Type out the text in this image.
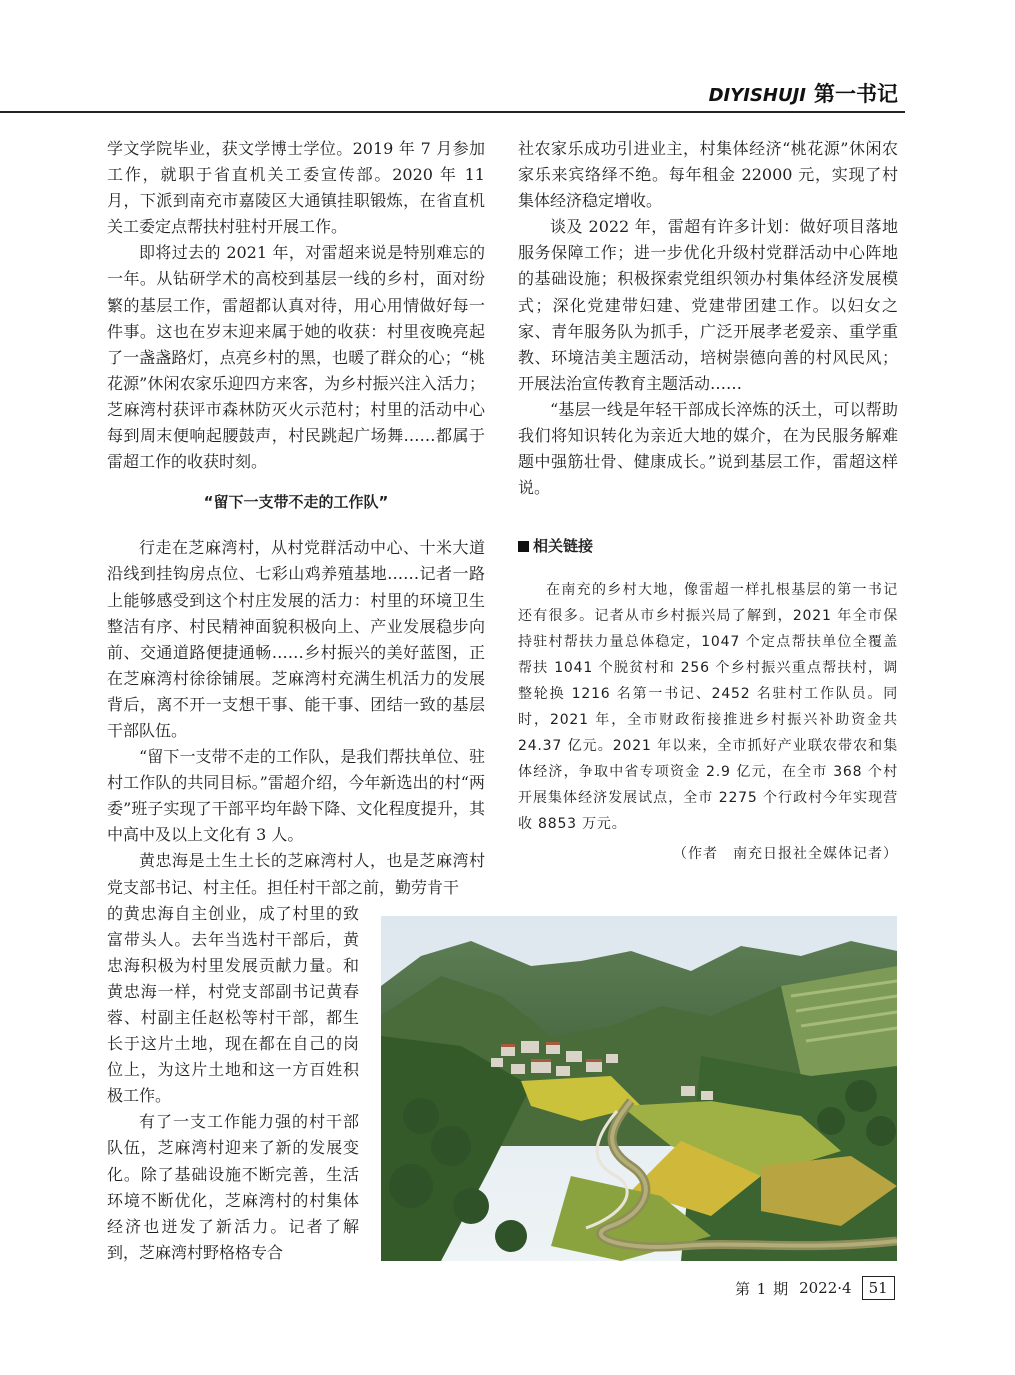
DIYISHUJI 第一书记

学文学院毕业，获文学博士学位。2019 年 7 月参加工作，就职于省直机关工委宣传部。2020 年 11 月，下派到南充市嘉陵区大通镇挂职锻炼，在省直机关工委定点帮扶村驻村开展工作。

即将过去的 2021 年，对雷超来说是特别难忘的一年。从钻研学术的高校到基层一线的乡村，面对纷繁的基层工作，雷超都认真对待，用心用情做好每一件事。这也在岁末迎来属于她的收获：村里夜晚亮起了一盏盏路灯，点亮乡村的黑，也暖了群众的心；“桃花源”休闲农家乐迎四方来客，为乡村振兴注入活力；芝麻湾村获评市森林防灭火示范村；村里的活动中心每到周末便响起腰鼓声，村民跳起广场舞……都属于雷超工作的收获时刻。

“留下一支带不走的工作队”

行走在芝麻湾村，从村党群活动中心、十米大道沿线到挂钩房点位、七彩山鸡养殖基地……记者一路上能够感受到这个村庄发展的活力：村里的环境卫生整洁有序、村民精神面貌积极向上、产业发展稳步向前、交通道路便捷通畅……乡村振兴的美好蓝图，正在芝麻湾村徐徐铺展。芝麻湾村充满生机活力的发展背后，离不开一支想干事、能干事、团结一致的基层干部队伍。

“留下一支带不走的工作队，是我们帮扶单位、驻村工作队的共同目标。”雷超介绍，今年新选出的村“两委”班子实现了干部平均年龄下降、文化程度提升，其中高中及以上文化有 3 人。

黄忠海是土生土长的芝麻湾村人，也是芝麻湾村党支部书记、村主任。担任村干部之前，勤劳肯干

的黄忠海自主创业，成了村里的致富带头人。去年当选村干部后，黄忠海积极为村里发展贡献力量。和黄忠海一样，村党支部副书记黄春蓉、村副主任赵松等村干部，都生长于这片土地，现在都在自己的岗位上，为这片土地和这一方百姓积极工作。

有了一支工作能力强的村干部队伍，芝麻湾村迎来了新的发展变化。除了基础设施不断完善，生活环境不断优化，芝麻湾村的村集体经济也迸发了新活力。记者了解到，芝麻湾村野格格专合

社农家乐成功引进业主，村集体经济“桃花源”休闲农家乐来宾络绎不绝。每年租金 22000 元，实现了村集体经济稳定增收。

谈及 2022 年，雷超有许多计划：做好项目落地服务保障工作；进一步优化升级村党群活动中心阵地的基础设施；积极探索党组织领办村集体经济发展模式；深化党建带妇建、党建带团建工作。以妇女之家、青年服务队为抓手，广泛开展孝老爱亲、重学重教、环境洁美主题活动，培树崇德向善的村风民风；开展法治宣传教育主题活动……

“基层一线是年轻干部成长淬炼的沃土，可以帮助我们将知识转化为亲近大地的媒介，在为民服务解难题中强筋壮骨、健康成长。”说到基层工作，雷超这样说。

相关链接

在南充的乡村大地，像雷超一样扎根基层的第一书记还有很多。记者从市乡村振兴局了解到，2021 年全市保持驻村帮扶力量总体稳定，1047 个定点帮扶单位全覆盖帮扶 1041 个脱贫村和 256 个乡村振兴重点帮扶村，调整轮换 1216 名第一书记、2452 名驻村工作队员。同时，2021 年，全市财政衔接推进乡村振兴补助资金共 24.37 亿元。2021 年以来，全市抓好产业联农带农和集体经济，争取中省专项资金 2.9 亿元，在全市 368 个村开展集体经济发展试点，全市 2275 个行政村今年实现营收 8853 万元。

（作者　南充日报社全媒体记者）
第 1 期 2022·4	51
